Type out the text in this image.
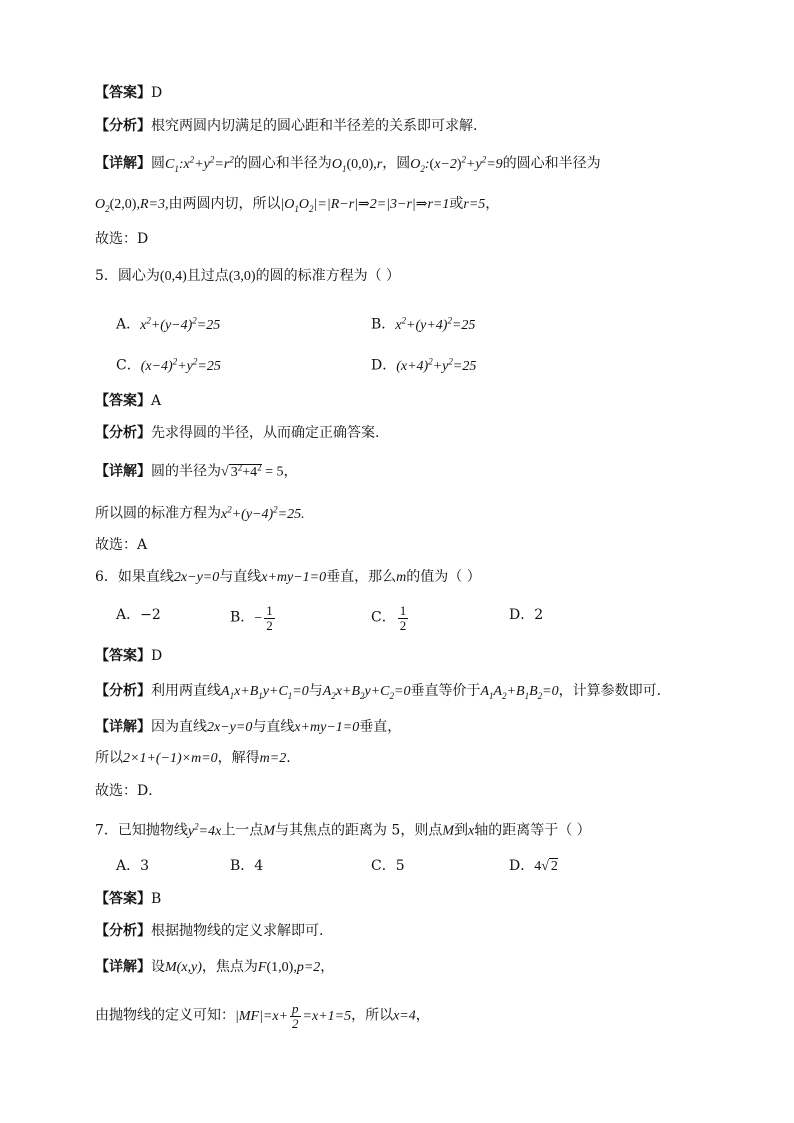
【答案】D
【分析】根究两圆内切满足的圆心距和半径差的关系即可求解.
【详解】圆$C_1:x^2+y^2=r^2$的圆心和半径为$O_1(0,0),r$，圆$O_2:(x-2)^2+y^2=9$的圆心和半径为
$O_2(2,0),R=3$,由两圆内切，所以$|O_1O_2|=|R-r|\Rightarrow 2=|3-r|\Rightarrow r=1$或r=5，
故选：D
5．圆心为(0,4)且过点(3,0)的圆的标准方程为（ ）
A．$x^2+(y-4)^2=25$	B．$x^2+(y+4)^2=25$
C．$(x-4)^2+y^2=25$	D．$(x+4)^2+y^2=25$
【答案】A
【分析】先求得圆的半径，从而确定正确答案.
【详解】圆的半径为√ $3^2+4^2 = 5$，
所以圆的标准方程为$x^2+(y-4)^2=25$.
故选：A
6．如果直线2x−y=0与直线x+my−1=0垂直，那么m的值为（ ）
A．−2	B．− $\frac{1}{2}$	C． $\frac{1}{2}$	D．2
【答案】D
【分析】利用两直线$A_1x+B_1y+C_1=0$与$A_2x+B_2y+C_2=0$垂直等价于$A_1A_2+B_1B_2=0$，计算参数即可．
【详解】因为直线2x−y=0与直线x+my−1=0垂直，
所以2×1+(−1)×m=0，解得m=2.
故选：D．
7．已知抛物线$y^2=4x$上一点M与其焦点的距离为 5，则点M到x轴的距离等于（ ）
A．3	B．4	C．5	D．4√ 2
【答案】B
【分析】根据抛物线的定义求解即可.
【详解】设M(x,y)，焦点为F(1,0),p=2，
由抛物线的定义可知：$|MF|=x+ \frac{p}{2} =x+1=5$，所以x=4，
